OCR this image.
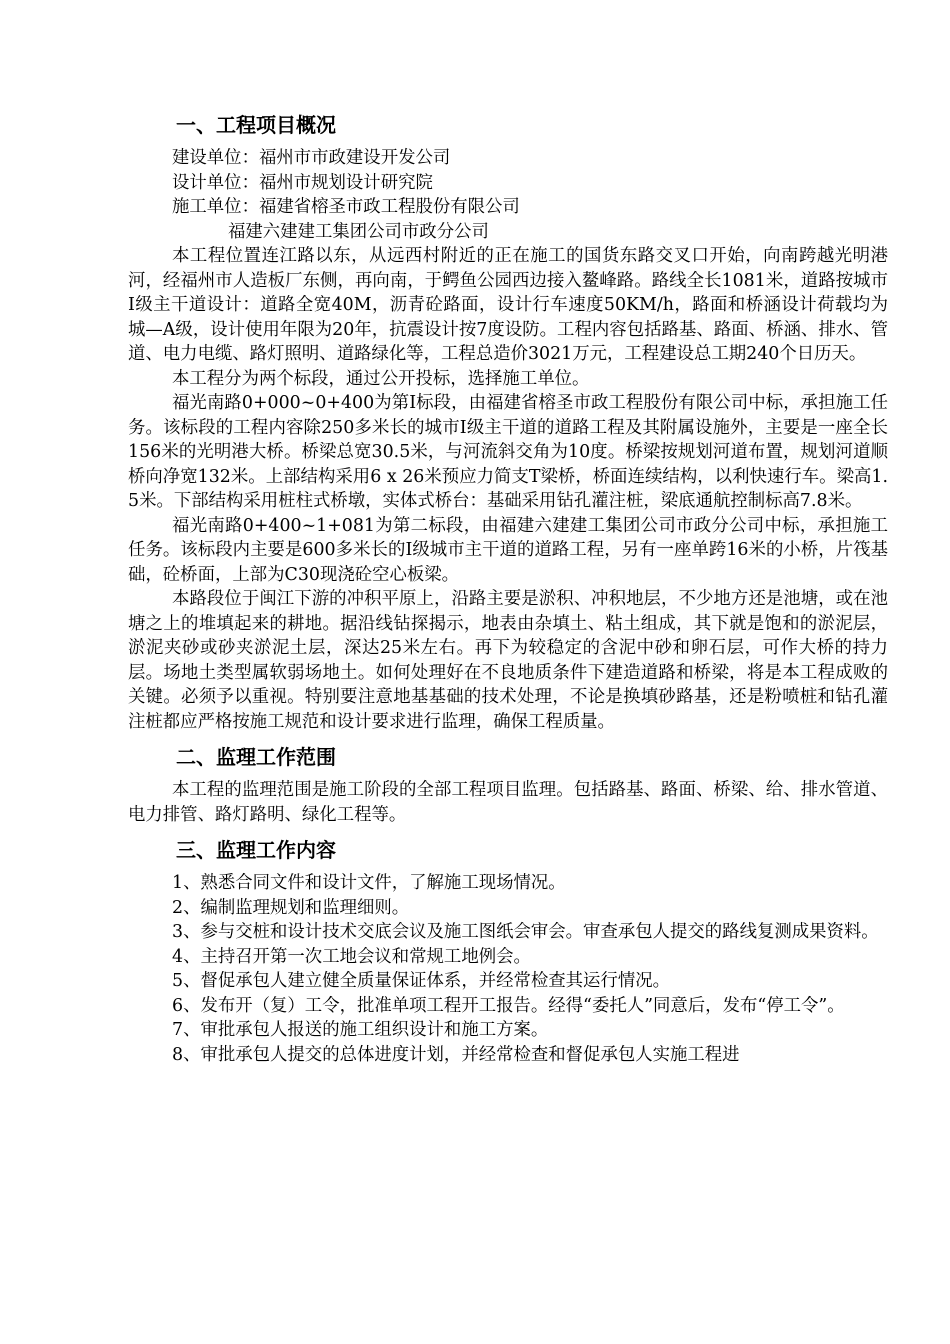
一、工程项目概况
建设单位：福州市市政建设开发公司
设计单位：福州市规划设计研究院
施工单位：福建省榕圣市政工程股份有限公司
福建六建建工集团公司市政分公司

本工程位置连江路以东，从远西村附近的正在施工的国货东路交叉口开始，向南跨越光明港河，经福州市人造板厂东侧，再向南，于鳄鱼公园西边接入鳌峰路。路线全长1081米，道路按城市I级主干道设计：道路全宽40M，沥青砼路面，设计行车速度50KM/h，路面和桥涵设计荷载均为城—A级，设计使用年限为20年，抗震设计按7度设防。工程内容包括路基、路面、桥涵、排水、管道、电力电缆、路灯照明、道路绿化等，工程总造价3021万元，工程建设总工期240个日历天。

本工程分为两个标段，通过公开投标，选择施工单位。

福光南路0+000~0+400为第I标段，由福建省榕圣市政工程股份有限公司中标，承担施工任务。该标段的工程内容除250多米长的城市Ⅰ级主干道的道路工程及其附属设施外，主要是一座全长156米的光明港大桥。桥梁总宽30.5米，与河流斜交角为10度。桥梁按规划河道布置，规划河道顺桥向净宽132米。上部结构采用6 x 26米预应力简支T梁桥，桥面连续结构，以利快速行车。梁高1. 5米。下部结构采用桩柱式桥墩，实体式桥台：基础采用钻孔灌注桩，梁底通航控制标高7.8米。

福光南路0+400~1+081为第二标段，由福建六建建工集团公司市政分公司中标，承担施工任务。该标段内主要是600多米长的Ⅰ级城市主干道的道路工程，另有一座单跨16米的小桥，片筏基础，砼桥面，上部为C30现浇砼空心板梁。

本路段位于闽江下游的冲积平原上，沿路主要是淤积、冲积地层，不少地方还是池塘，或在池塘之上的堆填起来的耕地。据沿线钻探揭示，地表由杂填土、粘土组成，其下就是饱和的淤泥层，淤泥夹砂或砂夹淤泥土层，深达25米左右。再下为较稳定的含泥中砂和卵石层，可作大桥的持力层。场地土类型属软弱场地土。如何处理好在不良地质条件下建造道路和桥梁，将是本工程成败的关键。必须予以重视。特别要注意地基基础的技术处理，不论是换填砂路基，还是粉喷桩和钻孔灌注桩都应严格按施工规范和设计要求进行监理，确保工程质量。

二、监理工作范围

本工程的监理范围是施工阶段的全部工程项目监理。包括路基、路面、桥梁、给、排水管道、电力排管、路灯路明、绿化工程等。

三、监理工作内容

1、熟悉合同文件和设计文件，了解施工现场情况。

2、编制监理规划和监理细则。

3、参与交桩和设计技术交底会议及施工图纸会审会。审查承包人提交的路线复测成果资料。

4、主持召开第一次工地会议和常规工地例会。

5、督促承包人建立健全质量保证体系，并经常检查其运行情况。

6、发布开（复）工令，批准单项工程开工报告。经得“委托人”同意后，发布“停工令”。

7、审批承包人报送的施工组织设计和施工方案。

8、审批承包人提交的总体进度计划，并经常检查和督促承包人实施工程进
